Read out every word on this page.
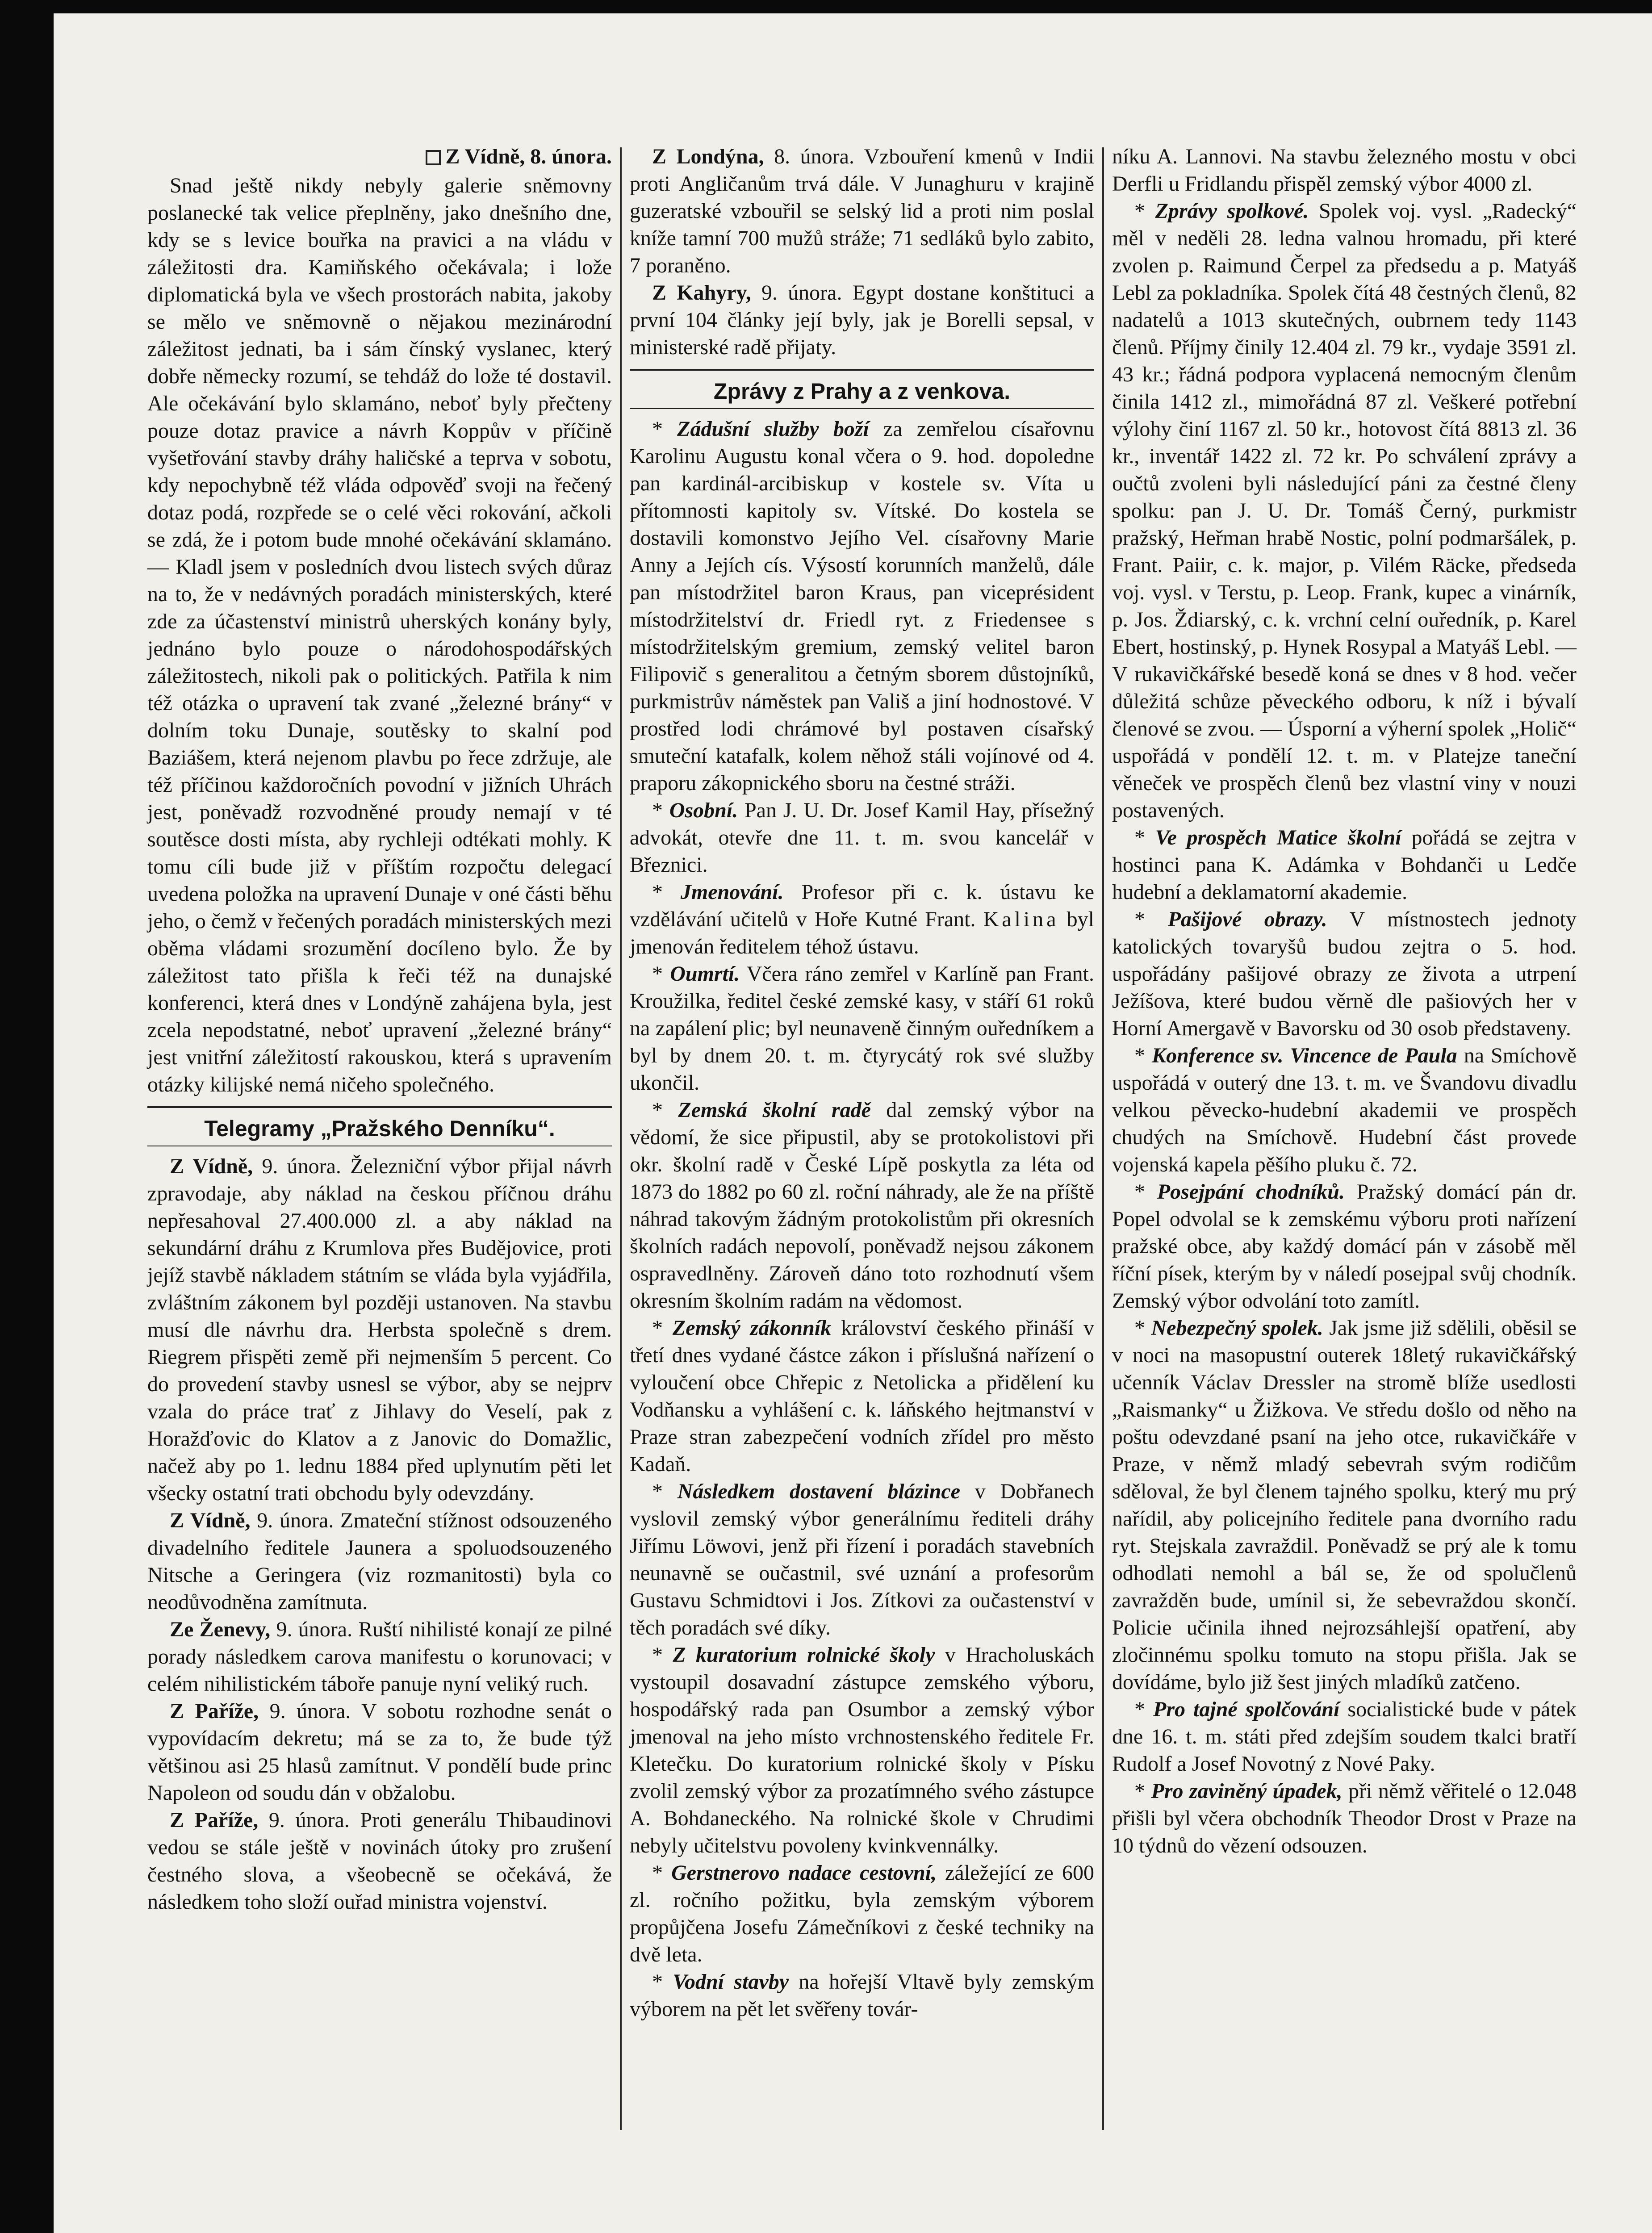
Z Vídně, 8. února.

Snad ještě nikdy nebyly galerie sněmovny poslanecké tak velice přeplněny, jako dnešního dne, kdy se s levice bouřka na pravici a na vládu v záležitosti dra. Kamiňského očekávala; i lože diplomatická byla ve všech prostorách nabita, jakoby se mělo ve sněmovně o nějakou mezinárodní záležitost jednati, ba i sám čínský vyslanec, který dobře německy rozumí, se tehdáž do lože té dostavil. Ale očekávání bylo sklamáno, neboť byly přečteny pouze dotaz pravice a návrh Koppův v příčině vyšetřování stavby dráhy haličské a teprva v sobotu, kdy nepochybně též vláda odpověď svoji na řečený dotaz podá, rozpřede se o celé věci rokování, ačkoli se zdá, že i potom bude mnohé očekávání sklamáno. — Kladl jsem v posledních dvou listech svých důraz na to, že v nedávných poradách ministerských, které zde za účastenství ministrů uherských konány byly, jednáno bylo pouze o národohospodářských záležitostech, nikoli pak o politických. Patřila k nim též otázka o upravení tak zvané „železné brány“ v dolním toku Dunaje, soutěsky to skalní pod Baziášem, která nejenom plavbu po řece zdržuje, ale též příčinou každoročních povodní v jižních Uhrách jest, poněvadž rozvodněné proudy nemají v té soutěsce dosti místa, aby rychleji odtékati mohly. K tomu cíli bude již v příštím rozpočtu delegací uvedena položka na upravení Dunaje v oné části běhu jeho, o čemž v řečených poradách ministerských mezi oběma vládami srozumění docíleno bylo. Že by záležitost tato přišla k řeči též na dunajské konferenci, která dnes v Londýně zahájena byla, jest zcela nepodstatné, neboť upravení „železné brány“ jest vnitřní záležitostí rakouskou, která s upravením otázky kilijské nemá ničeho společného.

Telegramy „Pražského Denníku“.

Z Vídně, 9. února. Železniční výbor přijal návrh zpravodaje, aby náklad na českou příčnou dráhu nepřesahoval 27.400.000 zl. a aby náklad na sekundární dráhu z Krumlova přes Budějovice, proti jejíž stavbě nákladem státním se vláda byla vyjádřila, zvláštním zákonem byl později ustanoven. Na stavbu musí dle návrhu dra. Herbsta společně s drem. Riegrem přispěti země při nejmenším 5 percent. Co do provedení stavby usnesl se výbor, aby se nejprv vzala do práce trať z Jihlavy do Veselí, pak z Horažďovic do Klatov a z Janovic do Domažlic, načež aby po 1. lednu 1884 před uplynutím pěti let všecky ostatní trati obchodu byly odevzdány.

Z Vídně, 9. února. Zmateční stížnost odsouzeného divadelního ředitele Jaunera a spoluodsouzeného Nitsche a Geringera (viz rozmanitosti) byla co neodůvodněna zamítnuta.

Ze Ženevy, 9. února. Ruští nihilisté konají ze pilné porady následkem carova manifestu o korunovaci; v celém nihilistickém táboře panuje nyní veliký ruch.

Z Paříže, 9. února. V sobotu rozhodne senát o vypovídacím dekretu; má se za to, že bude týž většinou asi 25 hlasů zamítnut. V pondělí bude princ Napoleon od soudu dán v obžalobu.

Z Paříže, 9. února. Proti generálu Thibaudinovi vedou se stále ještě v novinách útoky pro zrušení čestného slova, a všeobecně se očekává, že následkem toho složí ouřad ministra vojenství.

Z Londýna, 8. února. Vzbouření kmenů v Indii proti Angličanům trvá dále. V Junaghuru v krajině guzeratské vzbouřil se selský lid a proti nim poslal kníže tamní 700 mužů stráže; 71 sedláků bylo zabito, 7 poraněno.

Z Kahyry, 9. února. Egypt dostane konštituci a první 104 články její byly, jak je Borelli sepsal, v ministerské radě přijaty.

Zprávy z Prahy a z venkova.

* Zádušní služby boží za zemřelou císařovnu Karolinu Augustu konal včera o 9. hod. dopoledne pan kardinál-arcibiskup v kostele sv. Víta u přítomnosti kapitoly sv. Vítské. Do kostela se dostavili komonstvo Jejího Vel. císařovny Marie Anny a Jejích cís. Výsostí korunních manželů, dále pan místodržitel baron Kraus, pan viceprésident místodržitelství dr. Friedl ryt. z Friedensee s místodržitelským gremium, zemský velitel baron Filipovič s generalitou a četným sborem důstojníků, purkmistrův náměstek pan Vališ a jiní hodnostové. V prostřed lodi chrámové byl postaven císařský smuteční katafalk, kolem něhož stáli vojínové od 4. praporu zákopnického sboru na čestné stráži.

* Osobní. Pan J. U. Dr. Josef Kamil Hay, přísežný advokát, otevře dne 11. t. m. svou kancelář v Březnici.

* Jmenování. Profesor při c. k. ústavu ke vzdělávání učitelů v Hoře Kutné Frant. Kalina byl jmenován ředitelem téhož ústavu.

* Oumrtí. Včera ráno zemřel v Karlíně pan Frant. Kroužilka, ředitel české zemské kasy, v stáří 61 roků na zapálení plic; byl neunaveně činným ouředníkem a byl by dnem 20. t. m. čtyrycátý rok své služby ukončil.

* Zemská školní radě dal zemský výbor na vědomí, že sice připustil, aby se protokolistovi při okr. školní radě v České Lípě poskytla za léta od 1873 do 1882 po 60 zl. roční náhrady, ale že na příště náhrad takovým žádným protokolistům při okresních školních radách nepovolí, poněvadž nejsou zákonem ospravedlněny. Zároveň dáno toto rozhodnutí všem okresním školním radám na vědomost.

* Zemský zákonník království českého přináší v třetí dnes vydané částce zákon i příslušná nařízení o vyloučení obce Chřepic z Netolicka a přidělení ku Vodňansku a vyhlášení c. k. láňského hejtmanství v Praze stran zabezpečení vodních zřídel pro město Kadaň.

* Následkem dostavení blázince v Dobřanech vyslovil zemský výbor generálnímu řediteli dráhy Jiřímu Löwovi, jenž při řízení i poradách stavebních neunavně se oučastnil, své uznání a profesorům Gustavu Schmidtovi i Jos. Zítkovi za oučastenství v těch poradách své díky.

* Z kuratorium rolnické školy v Hracholuskách vystoupil dosavadní zástupce zemského výboru, hospodářský rada pan Osumbor a zemský výbor jmenoval na jeho místo vrchnostenského ředitele Fr. Kletečku. Do kuratorium rolnické školy v Písku zvolil zemský výbor za prozatímného svého zástupce A. Bohdaneckého. Na rolnické škole v Chrudimi nebyly učitelstvu povoleny kvinkvennálky.

* Gerstnerovo nadace cestovní, záležející ze 600 zl. ročního požitku, byla zemským výborem propůjčena Josefu Zámečníkovi z české techniky na dvě leta.

* Vodní stavby na hořejší Vltavě byly zemským výborem na pět let svěřeny továr-

níku A. Lannovi. Na stavbu železného mostu v obci Derfli u Fridlandu přispěl zemský výbor 4000 zl.

* Zprávy spolkové. Spolek voj. vysl. „Radecký“ měl v neděli 28. ledna valnou hromadu, při které zvolen p. Raimund Čerpel za předsedu a p. Matyáš Lebl za pokladníka. Spolek čítá 48 čestných členů, 82 nadatelů a 1013 skutečných, oubrnem tedy 1143 členů. Příjmy činily 12.404 zl. 79 kr., vydaje 3591 zl. 43 kr.; řádná podpora vyplacená nemocným členům činila 1412 zl., mimořádná 87 zl. Veškeré potřební výlohy činí 1167 zl. 50 kr., hotovost čítá 8813 zl. 36 kr., inventář 1422 zl. 72 kr. Po schválení zprávy a oučtů zvoleni byli následující páni za čestné členy spolku: pan J. U. Dr. Tomáš Černý, purkmistr pražský, Heřman hrabě Nostic, polní podmaršálek, p. Frant. Paiir, c. k. major, p. Vilém Räcke, předseda voj. vysl. v Terstu, p. Leop. Frank, kupec a vinárník, p. Jos. Ždiarský, c. k. vrchní celní ouředník, p. Karel Ebert, hostinský, p. Hynek Rosypal a Matyáš Lebl. — V rukavičkářské besedě koná se dnes v 8 hod. večer důležitá schůze pěveckého odboru, k níž i bývalí členové se zvou. — Úsporní a výherní spolek „Holič“ uspořádá v pondělí 12. t. m. v Platejze taneční věneček ve prospěch členů bez vlastní viny v nouzi postavených.

* Ve prospěch Matice školní pořádá se zejtra v hostinci pana K. Adámka v Bohdanči u Ledče hudební a deklamatorní akademie.

* Pašijové obrazy. V místnostech jednoty katolických tovaryšů budou zejtra o 5. hod. uspořádány pašijové obrazy ze života a utrpení Ježíšova, které budou věrně dle pašiových her v Horní Amergavě v Bavorsku od 30 osob představeny.

* Konference sv. Vincence de Paula na Smíchově uspořádá v outerý dne 13. t. m. ve Švandovu divadlu velkou pěvecko-hudební akademii ve prospěch chudých na Smíchově. Hudební část provede vojenská kapela pěšího pluku č. 72.

* Posejpání chodníků. Pražský domácí pán dr. Popel odvolal se k zemskému výboru proti nařízení pražské obce, aby každý domácí pán v zásobě měl říční písek, kterým by v náledí posejpal svůj chodník. Zemský výbor odvolání toto zamítl.

* Nebezpečný spolek. Jak jsme již sdělili, oběsil se v noci na masopustní outerek 18letý rukavičkářský učenník Václav Dressler na stromě blíže usedlosti „Raismanky“ u Žižkova. Ve středu došlo od něho na poštu odevzdané psaní na jeho otce, rukavičkáře v Praze, v němž mladý sebevrah svým rodičům sděloval, že byl členem tajného spolku, který mu prý nařídil, aby policejního ředitele pana dvorního radu ryt. Stejskala zavraždil. Poněvadž se prý ale k tomu odhodlati nemohl a bál se, že od spolučlenů zavražděn bude, umínil si, že sebevraždou skončí. Policie učinila ihned nejrozsáhlejší opatření, aby zločinnému spolku tomuto na stopu přišla. Jak se dovídáme, bylo již šest jiných mladíků zatčeno.

* Pro tajné spolčování socialistické bude v pátek dne 16. t. m. státi před zdejším soudem tkalci bratří Rudolf a Josef Novotný z Nové Paky.

* Pro zaviněný úpadek, při němž věřitelé o 12.048 přišli byl včera obchodník Theodor Drost v Praze na 10 týdnů do vězení odsouzen.
